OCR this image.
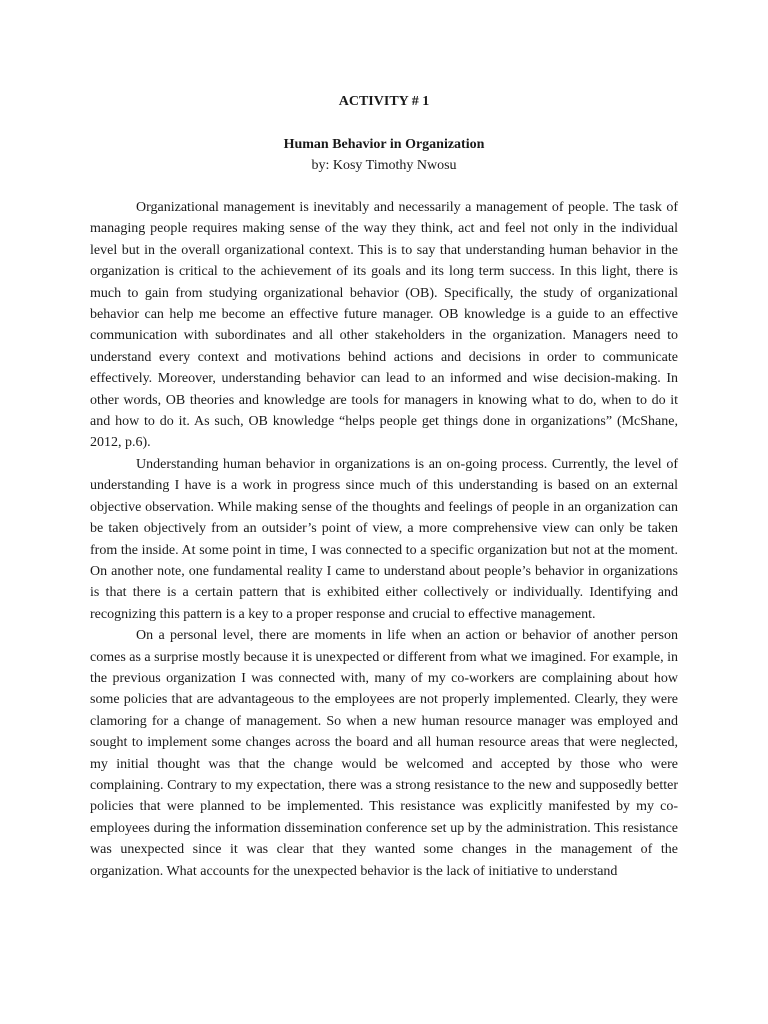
ACTIVITY # 1

Human Behavior in Organization

by: Kosy Timothy Nwosu

Organizational management is inevitably and necessarily a management of people. The task of managing people requires making sense of the way they think, act and feel not only in the individual level but in the overall organizational context. This is to say that understanding human behavior in the organization is critical to the achievement of its goals and its long term success. In this light, there is much to gain from studying organizational behavior (OB). Specifically, the study of organizational behavior can help me become an effective future manager. OB knowledge is a guide to an effective communication with subordinates and all other stakeholders in the organization. Managers need to understand every context and motivations behind actions and decisions in order to communicate effectively. Moreover, understanding behavior can lead to an informed and wise decision-making. In other words, OB theories and knowledge are tools for managers in knowing what to do, when to do it and how to do it. As such, OB knowledge “helps people get things done in organizations” (McShane, 2012, p.6).

Understanding human behavior in organizations is an on-going process. Currently, the level of understanding I have is a work in progress since much of this understanding is based on an external objective observation. While making sense of the thoughts and feelings of people in an organization can be taken objectively from an outsider’s point of view, a more comprehensive view can only be taken from the inside. At some point in time, I was connected to a specific organization but not at the moment. On another note, one fundamental reality I came to understand about people’s behavior in organizations is that there is a certain pattern that is exhibited either collectively or individually. Identifying and recognizing this pattern is a key to a proper response and crucial to effective management.

On a personal level, there are moments in life when an action or behavior of another person comes as a surprise mostly because it is unexpected or different from what we imagined. For example, in the previous organization I was connected with, many of my co-workers are complaining about how some policies that are advantageous to the employees are not properly implemented. Clearly, they were clamoring for a change of management. So when a new human resource manager was employed and sought to implement some changes across the board and all human resource areas that were neglected, my initial thought was that the change would be welcomed and accepted by those who were complaining. Contrary to my expectation, there was a strong resistance to the new and supposedly better policies that were planned to be implemented. This resistance was explicitly manifested by my co-employees during the information dissemination conference set up by the administration. This resistance was unexpected since it was clear that they wanted some changes in the management of the organization. What accounts for the unexpected behavior is the lack of initiative to understand
